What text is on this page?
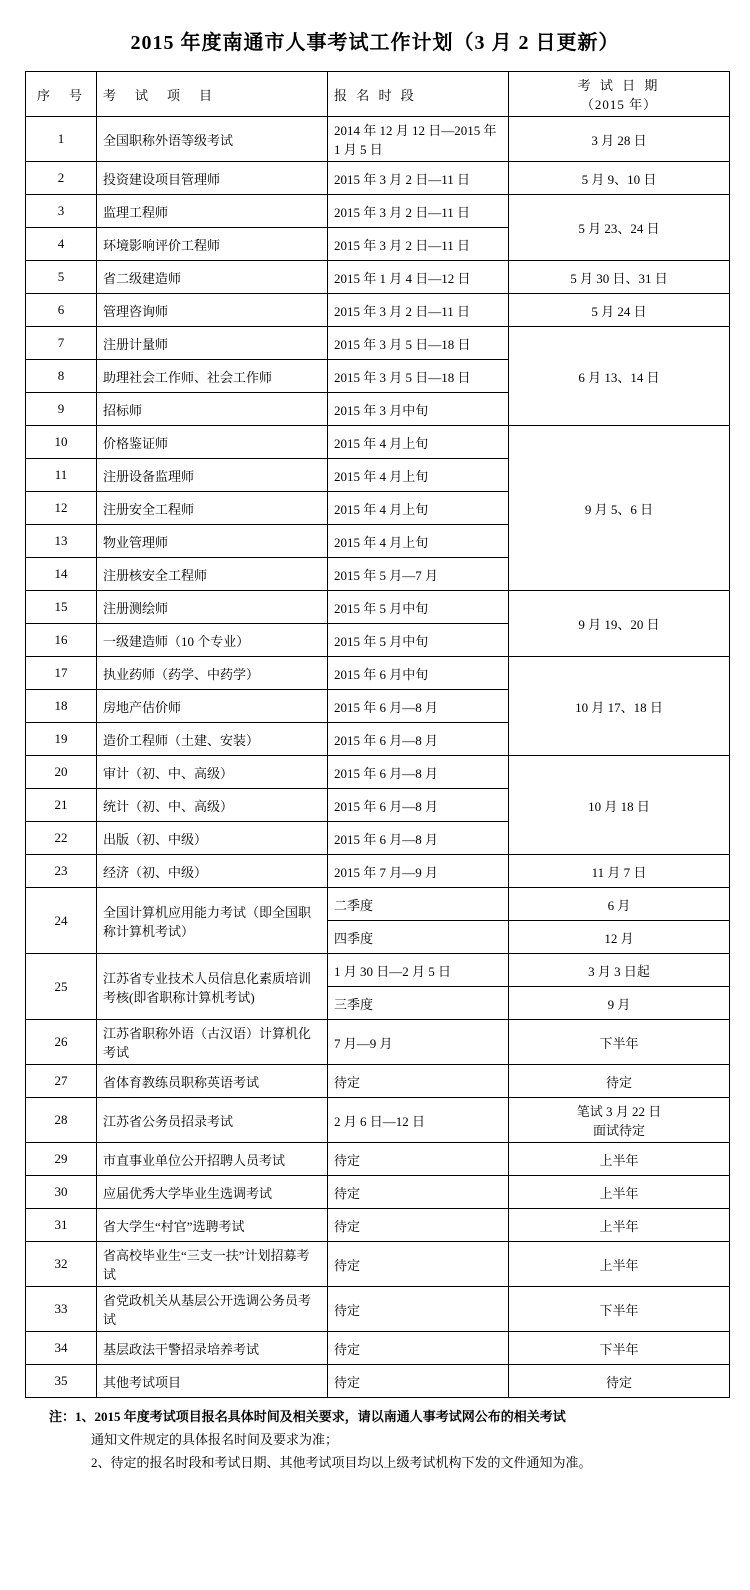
2015 年度南通市人事考试工作计划（3 月 2 日更新）
序　号	考　试　项　目	报 名 时 段	考 试 日 期
（2015 年）

1	全国职称外语等级考试	2014 年 12 月 12 日—2015 年 1 月 5 日	3 月 28 日
2	投资建设项目管理师	2015 年 3 月 2 日—11 日	5 月 9、10 日
3	监理工程师	2015 年 3 月 2 日—11 日	5 月 23、24 日
4	环境影响评价工程师	2015 年 3 月 2 日—11 日	
5	省二级建造师	2015 年 1 月 4 日—12 日	5 月 30 日、31 日
6	管理咨询师	2015 年 3 月 2 日—11 日	5 月 24 日
7	注册计量师	2015 年 3 月 5 日—18 日	6 月 13、14 日
8	助理社会工作师、社会工作师	2015 年 3 月 5 日—18 日	
9	招标师	2015 年 3 月中旬	
10	价格鉴证师	2015 年 4 月上旬	9 月 5、6 日
11	注册设备监理师	2015 年 4 月上旬	
12	注册安全工程师	2015 年 4 月上旬	
13	物业管理师	2015 年 4 月上旬	
14	注册核安全工程师	2015 年 5 月—7 月	
15	注册测绘师	2015 年 5 月中旬	9 月 19、20 日
16	一级建造师（10 个专业）	2015 年 5 月中旬	
17	执业药师（药学、中药学）	2015 年 6 月中旬	10 月 17、18 日
18	房地产估价师	2015 年 6 月—8 月	
19	造价工程师（土建、安装）	2015 年 6 月—8 月	
20	审计（初、中、高级）	2015 年 6 月—8 月	10 月 18 日
21	统计（初、中、高级）	2015 年 6 月—8 月	
22	出版（初、中级）	2015 年 6 月—8 月	
23	经济（初、中级）	2015 年 7 月—9 月	11 月 7 日
24	全国计算机应用能力考试（即全国职称计算机考试）	二季度	6 月
		四季度	12 月
25	江苏省专业技术人员信息化素质培训考核(即省职称计算机考试)	1 月 30 日—2 月 5 日	3 月 3 日起
		三季度	9 月
26	江苏省职称外语（古汉语）计算机化考试	7 月—9 月	下半年
27	省体育教练员职称英语考试	待定	待定
28	江苏省公务员招录考试	2 月 6 日—12 日	笔试 3 月 22 日
面试待定
29	市直事业单位公开招聘人员考试	待定	上半年
30	应届优秀大学毕业生选调考试	待定	上半年
31	省大学生“村官”选聘考试	待定	上半年
32	省高校毕业生“三支一扶”计划招募考试	待定	上半年
33	省党政机关从基层公开选调公务员考试	待定	下半年
34	基层政法干警招录培养考试	待定	下半年
35	其他考试项目	待定	待定
注：1、2015 年度考试项目报名具体时间及相关要求，请以南通人事考试网公布的相关考试
通知文件规定的具体报名时间及要求为准；
2、待定的报名时段和考试日期、其他考试项目均以上级考试机构下发的文件通知为准。
